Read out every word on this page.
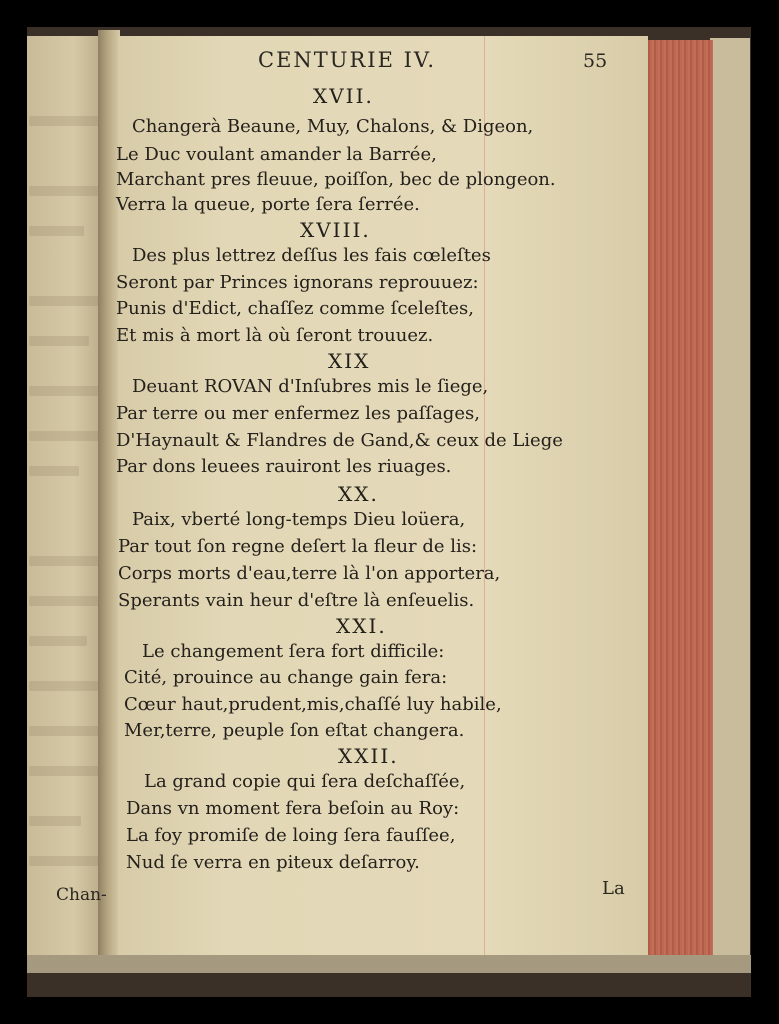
CENTURIE IV.	55
XVII.
Changerà Beaune, Muy, Chalons, & Digeon,
Le Duc voulant amander la Barrée,
Marchant pres fleuue, poiſſon, bec de plongeon.
Verra la queue, porte ſera ſerrée.
XVIII.
Des plus lettrez deſſus les fais cœleſtes
Seront par Princes ignorans reprouuez:
Punis d'Edict, chaſſez comme ſceleſtes,
Et mis à mort là où ſeront trouuez.
XIX
Deuant ROVAN d'Inſubres mis le ſiege,
Par terre ou mer enfermez les paſſages,
D'Haynault & Flandres de Gand,& ceux de Liege
Par dons leuees rauiront les riuages.
XX.
Paix, vberté long-temps Dieu loüera,
Par tout ſon regne deſert la fleur de lis:
Corps morts d'eau,terre là l'on apportera,
Sperants vain heur d'eſtre là enſeuelis.
XXI.
Le changement ſera fort difficile:
Cité, prouince au change gain fera:
Cœur haut,prudent,mis,chaſſé luy habile,
Mer,terre, peuple ſon eſtat changera.
XXII.
La grand copie qui ſera deſchaſſée,
Dans vn moment fera beſoin au Roy:
La foy promiſe de loing ſera fauſſee,
Nud ſe verra en piteux deſarroy.
Chan-	La
